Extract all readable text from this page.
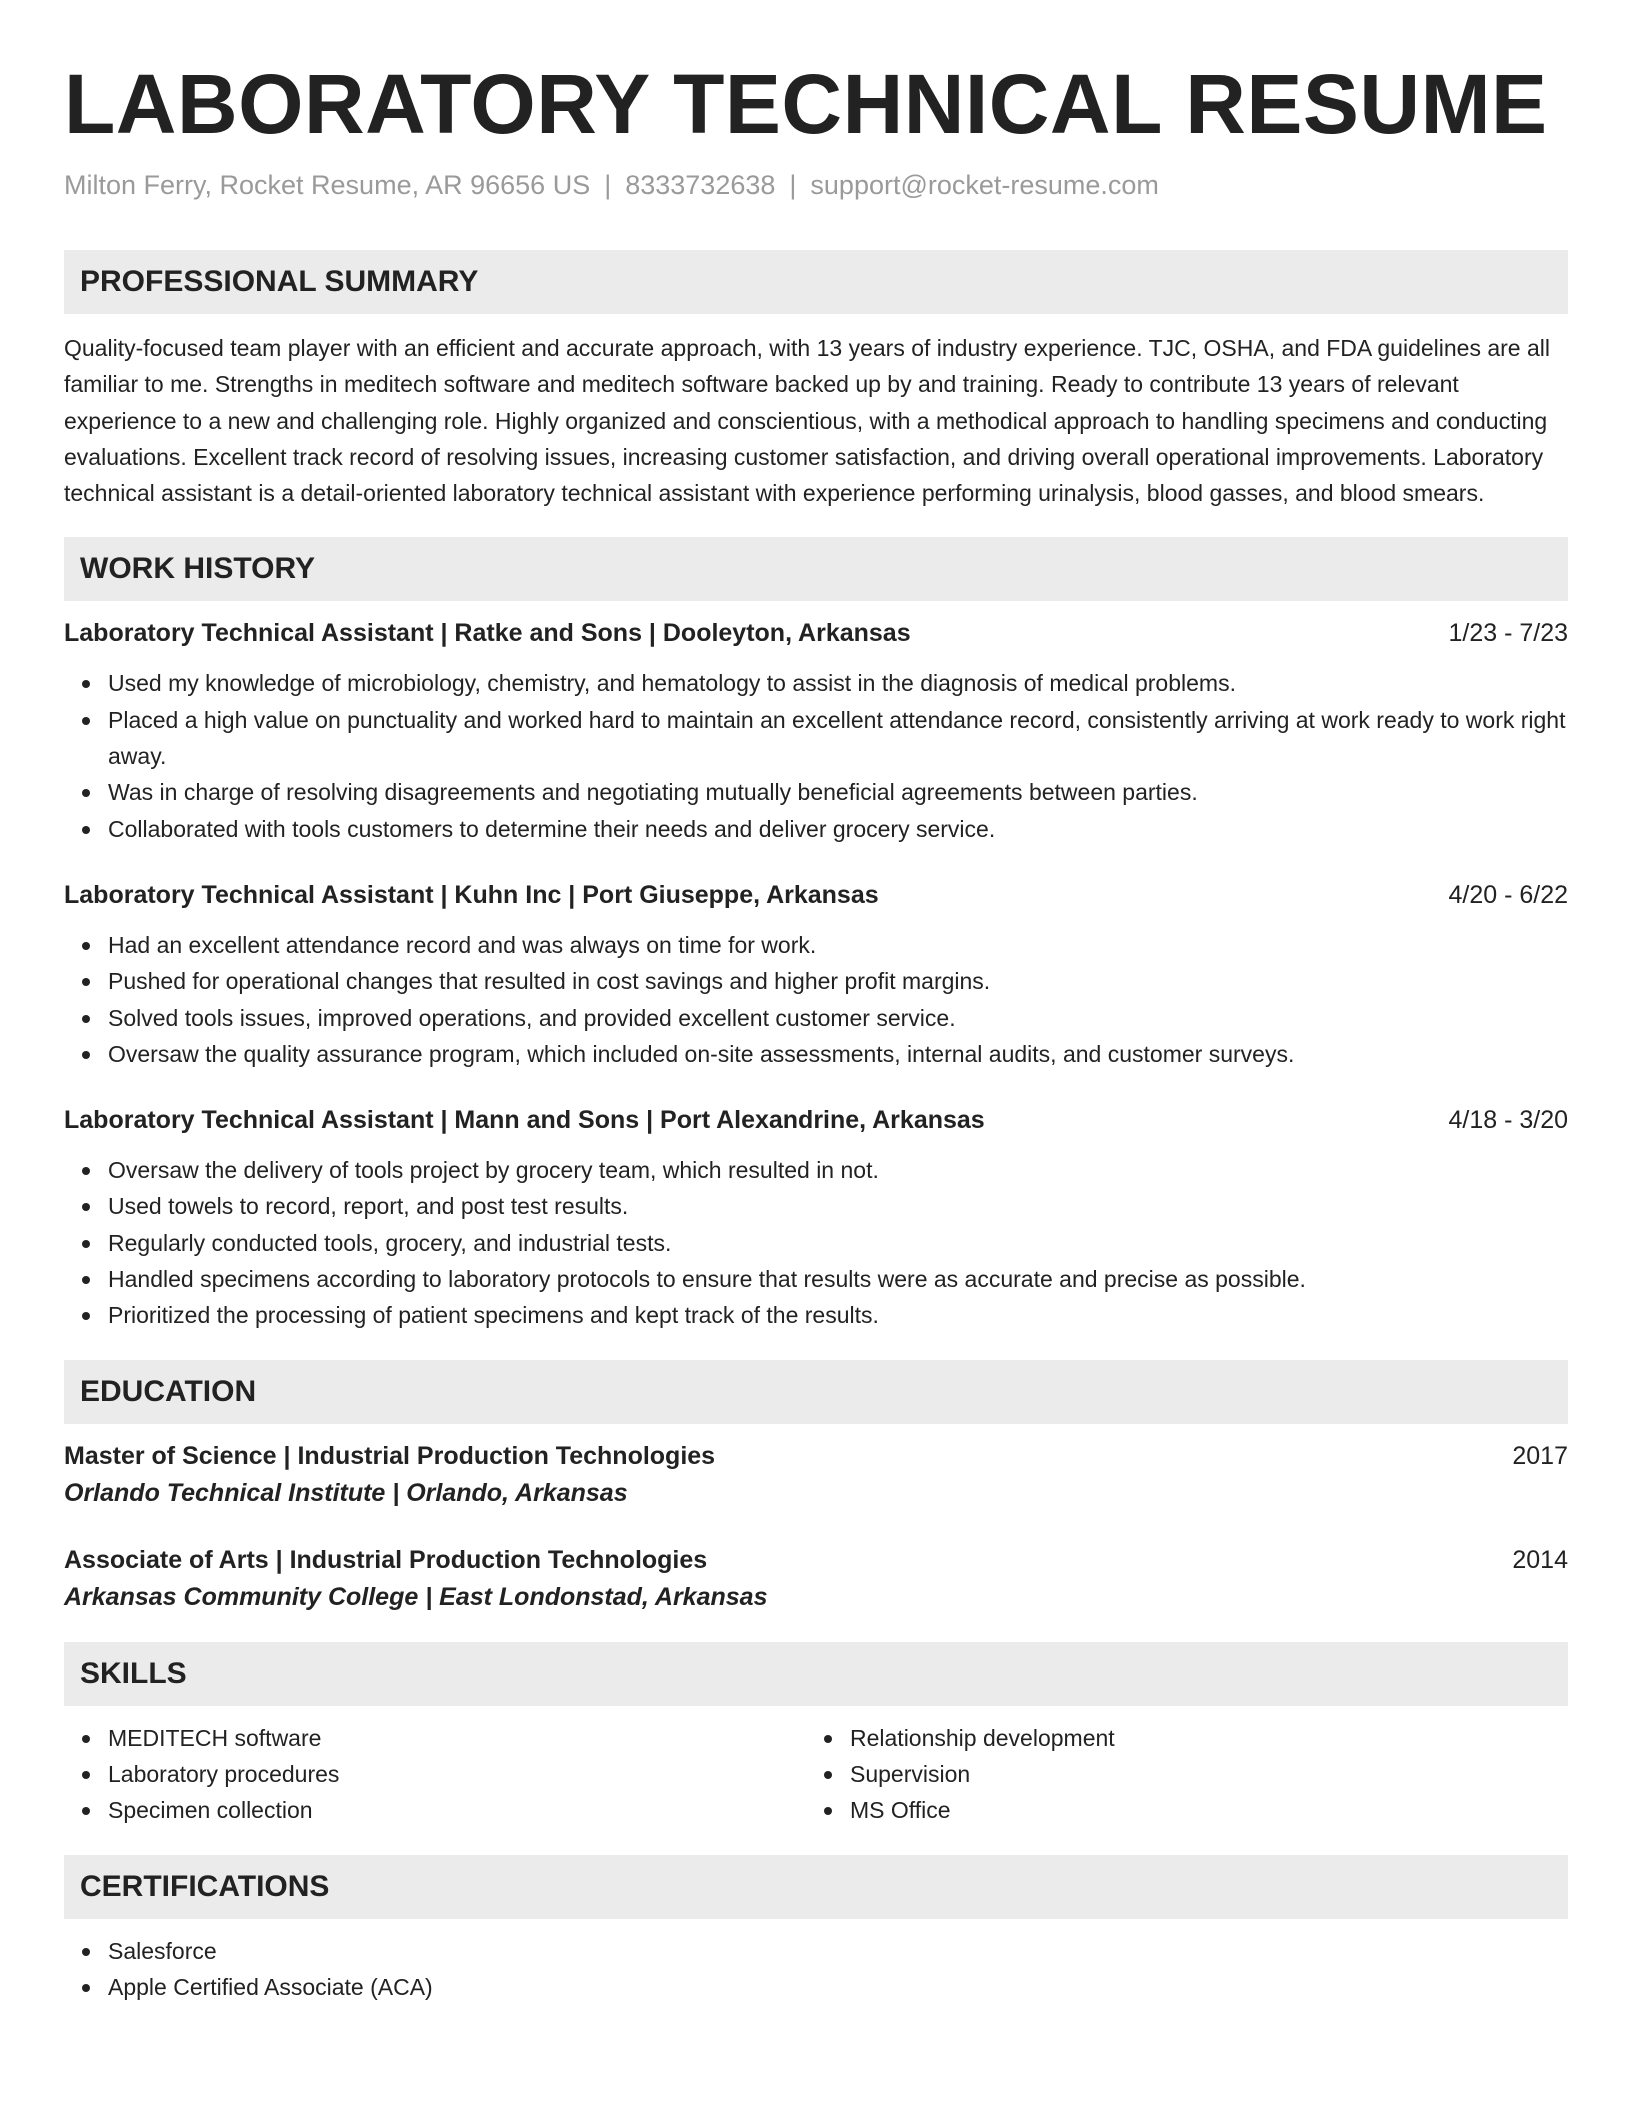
LABORATORY TECHNICAL RESUME
Milton Ferry, Rocket Resume, AR 96656 US | 8333732638 | support@rocket-resume.com
PROFESSIONAL SUMMARY

Quality-focused team player with an efficient and accurate approach, with 13 years of industry experience. TJC, OSHA, and FDA guidelines are all familiar to me. Strengths in meditech software and meditech software backed up by and training. Ready to contribute 13 years of relevant experience to a new and challenging role. Highly organized and conscientious, with a methodical approach to handling specimens and conducting evaluations. Excellent track record of resolving issues, increasing customer satisfaction, and driving overall operational improvements. Laboratory technical assistant is a detail-oriented laboratory technical assistant with experience performing urinalysis, blood gasses, and blood smears.

WORK HISTORY
Laboratory Technical Assistant | Ratke and Sons | Dooleyton, Arkansas	1/23 - 7/23
Used my knowledge of microbiology, chemistry, and hematology to assist in the diagnosis of medical problems.
Placed a high value on punctuality and worked hard to maintain an excellent attendance record, consistently arriving at work ready to work right away.
Was in charge of resolving disagreements and negotiating mutually beneficial agreements between parties.
Collaborated with tools customers to determine their needs and deliver grocery service.
Laboratory Technical Assistant | Kuhn Inc | Port Giuseppe, Arkansas	4/20 - 6/22
Had an excellent attendance record and was always on time for work.
Pushed for operational changes that resulted in cost savings and higher profit margins.
Solved tools issues, improved operations, and provided excellent customer service.
Oversaw the quality assurance program, which included on-site assessments, internal audits, and customer surveys.
Laboratory Technical Assistant | Mann and Sons | Port Alexandrine, Arkansas	4/18 - 3/20
Oversaw the delivery of tools project by grocery team, which resulted in not.
Used towels to record, report, and post test results.
Regularly conducted tools, grocery, and industrial tests.
Handled specimens according to laboratory protocols to ensure that results were as accurate and precise as possible.
Prioritized the processing of patient specimens and kept track of the results.
EDUCATION
Master of Science | Industrial Production Technologies	2017
Orlando Technical Institute | Orlando, Arkansas
Associate of Arts | Industrial Production Technologies	2014
Arkansas Community College | East Londonstad, Arkansas
SKILLS
MEDITECH software
Laboratory procedures
Specimen collection
Relationship development
Supervision
MS Office
CERTIFICATIONS
Salesforce
Apple Certified Associate (ACA)
